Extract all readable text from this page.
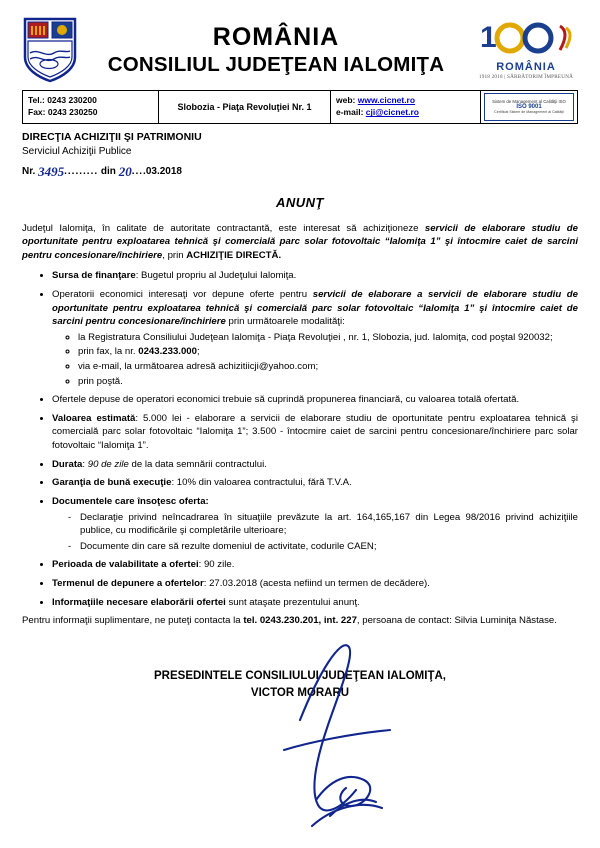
ROMÂNIA
CONSILIUL JUDEŢEAN IALOMIŢA
1
ROMÂNIA
1918 2018 | SĂRBĂTORIM ÎMPREUNĂ
Tel.: 0243 230200
Fax: 0243 230250
Slobozia - Piaţa Revoluţiei Nr. 1
web: www.cicnet.ro
e-mail: cji@cicnet.ro
Sistem de Management al Calităţii ISO
ISO 9001
Certificat Sistem de Management al Calităţii
DIRECŢIA ACHIZIŢII ŞI PATRIMONIU
Serviciul Achiziţii Publice
Nr. 3495......... din 20....03.2018
ANUNŢ

Judeţul Ialomiţa, în calitate de autoritate contractantă, este interesat să achiziţioneze servicii de elaborare studiu de oportunitate pentru exploatarea tehnică şi comercială parc solar fotovoltaic “Ialomiţa 1” şi întocmire caiet de sarcini pentru concesionare/închiriere, prin ACHIZIŢIE DIRECTĂ.

• Sursa de finanţare: Bugetul propriu al Judeţului Ialomiţa.
• Operatorii economici interesaţi vor depune oferte pentru servicii de elaborare a servicii de elaborare studiu de oportunitate pentru exploatarea tehnică şi comercială parc solar fotovoltaic “Ialomiţa 1” şi întocmire caiet de sarcini pentru concesionare/închiriere prin următoarele modalităţi:
◦ la Registratura Consiliului Judeţean Ialomiţa - Piaţa Revoluţiei , nr. 1, Slobozia, jud. Ialomiţa, cod poştal 920032;
◦ prin fax, la nr. 0243.233.000;
◦ via e-mail, la următoarea adresă achizitiicji@yahoo.com;
◦ prin poştă.
• Ofertele depuse de operatori economici trebuie să cuprindă propunerea financiară, cu valoarea totală ofertată.
• Valoarea estimată: 5.000 lei - elaborare a servicii de elaborare studiu de oportunitate pentru exploatarea tehnică şi comercială parc solar fotovoltaic “Ialomiţa 1”; 3.500 - întocmire caiet de sarcini pentru concesionare/închiriere parc solar fotovoltaic “Ialomiţa 1”.
• Durata: 90 de zile de la data semnării contractului.
• Garanţia de bună execuţie: 10% din valoarea contractului, fără T.V.A.
• Documentele care însoţesc oferta:
- Declaraţie privind neîncadrarea în situaţiile prevăzute la art. 164,165,167 din Legea 98/2016 privind achiziţiile publice, cu modificările şi completările ulterioare;
- Documente din care să rezulte domeniul de activitate, codurile CAEN;
• Perioada de valabilitate a ofertei: 90 zile.
• Termenul de depunere a ofertelor: 27.03.2018 (acesta nefiind un termen de decădere).
• Informaţiile necesare elaborării ofertei sunt ataşate prezentului anunţ.

Pentru informaţii suplimentare, ne puteţi contacta la tel. 0243.230.201, int. 227, persoana de contact: Silvia Luminiţa Năstase.

PRESEDINTELE CONSILIULUI JUDEŢEAN IALOMIŢA,
VICTOR MORARU
